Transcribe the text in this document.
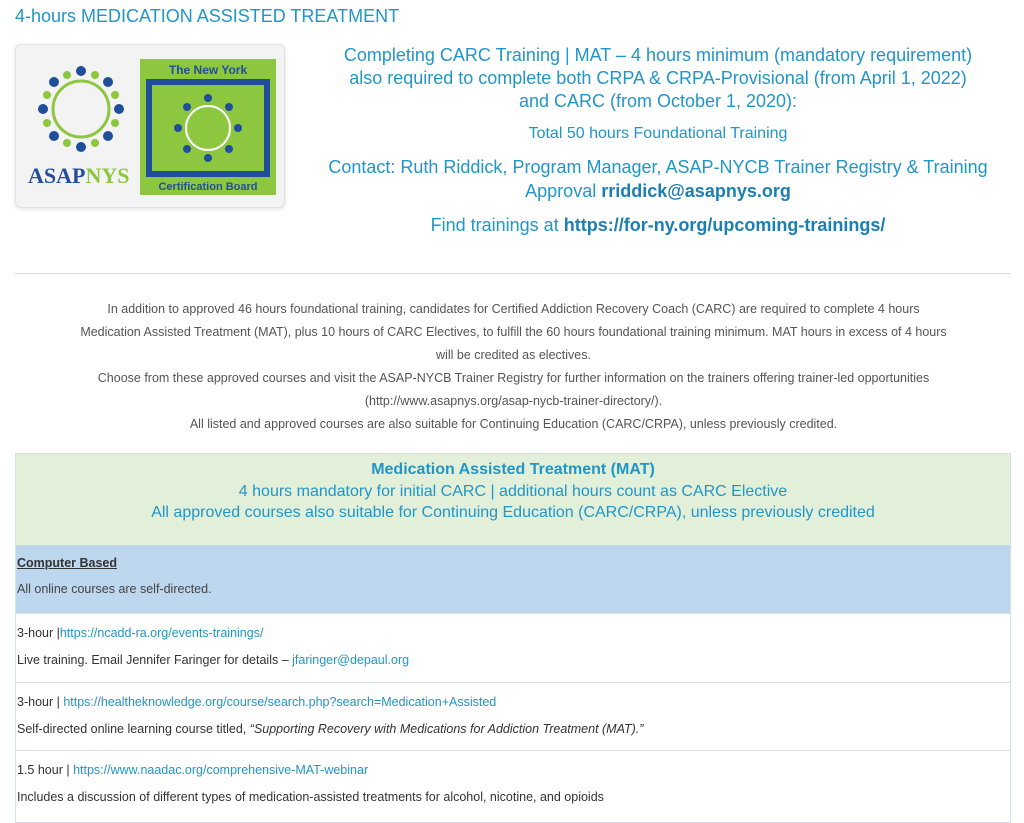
4-hours MEDICATION ASSISTED TREATMENT
ASAPNYS
The New York
Certification Board

Completing CARC Training | MAT – 4 hours minimum (mandatory requirement)

also required to complete both CRPA & CRPA-Provisional (from April 1, 2022)

and CARC (from October 1, 2020):

Total 50 hours Foundational Training

Contact: Ruth Riddick, Program Manager, ASAP-NYCB Trainer Registry & Training
Approval rriddick@asapnys.org

Find trainings at https://for-ny.org/upcoming-trainings/

In addition to approved 46 hours foundational training, candidates for Certified Addiction Recovery Coach (CARC) are required to complete 4 hours

Medication Assisted Treatment (MAT), plus 10 hours of CARC Electives, to fulfill the 60 hours foundational training minimum. MAT hours in excess of 4 hours

will be credited as electives.

Choose from these approved courses and visit the ASAP-NYCB Trainer Registry for further information on the trainers offering trainer-led opportunities

(http://www.asapnys.org/asap-nycb-trainer-directory/).

All listed and approved courses are also suitable for Continuing Education (CARC/CRPA), unless previously credited.

Medication Assisted Treatment (MAT)
4 hours mandatory for initial CARC | additional hours count as CARC Elective
All approved courses also suitable for Continuing Education (CARC/CRPA), unless previously credited
Computer Based
All online courses are self-directed.
3-hour |https://ncadd-ra.org/events-trainings/
Live training. Email Jennifer Faringer for details – jfaringer@depaul.org
3-hour | https://healtheknowledge.org/course/search.php?search=Medication+Assisted
Self-directed online learning course titled, “Supporting Recovery with Medications for Addiction Treatment (MAT).”
1.5 hour | https://www.naadac.org/comprehensive-MAT-webinar
Includes a discussion of different types of medication-assisted treatments for alcohol, nicotine, and opioids
